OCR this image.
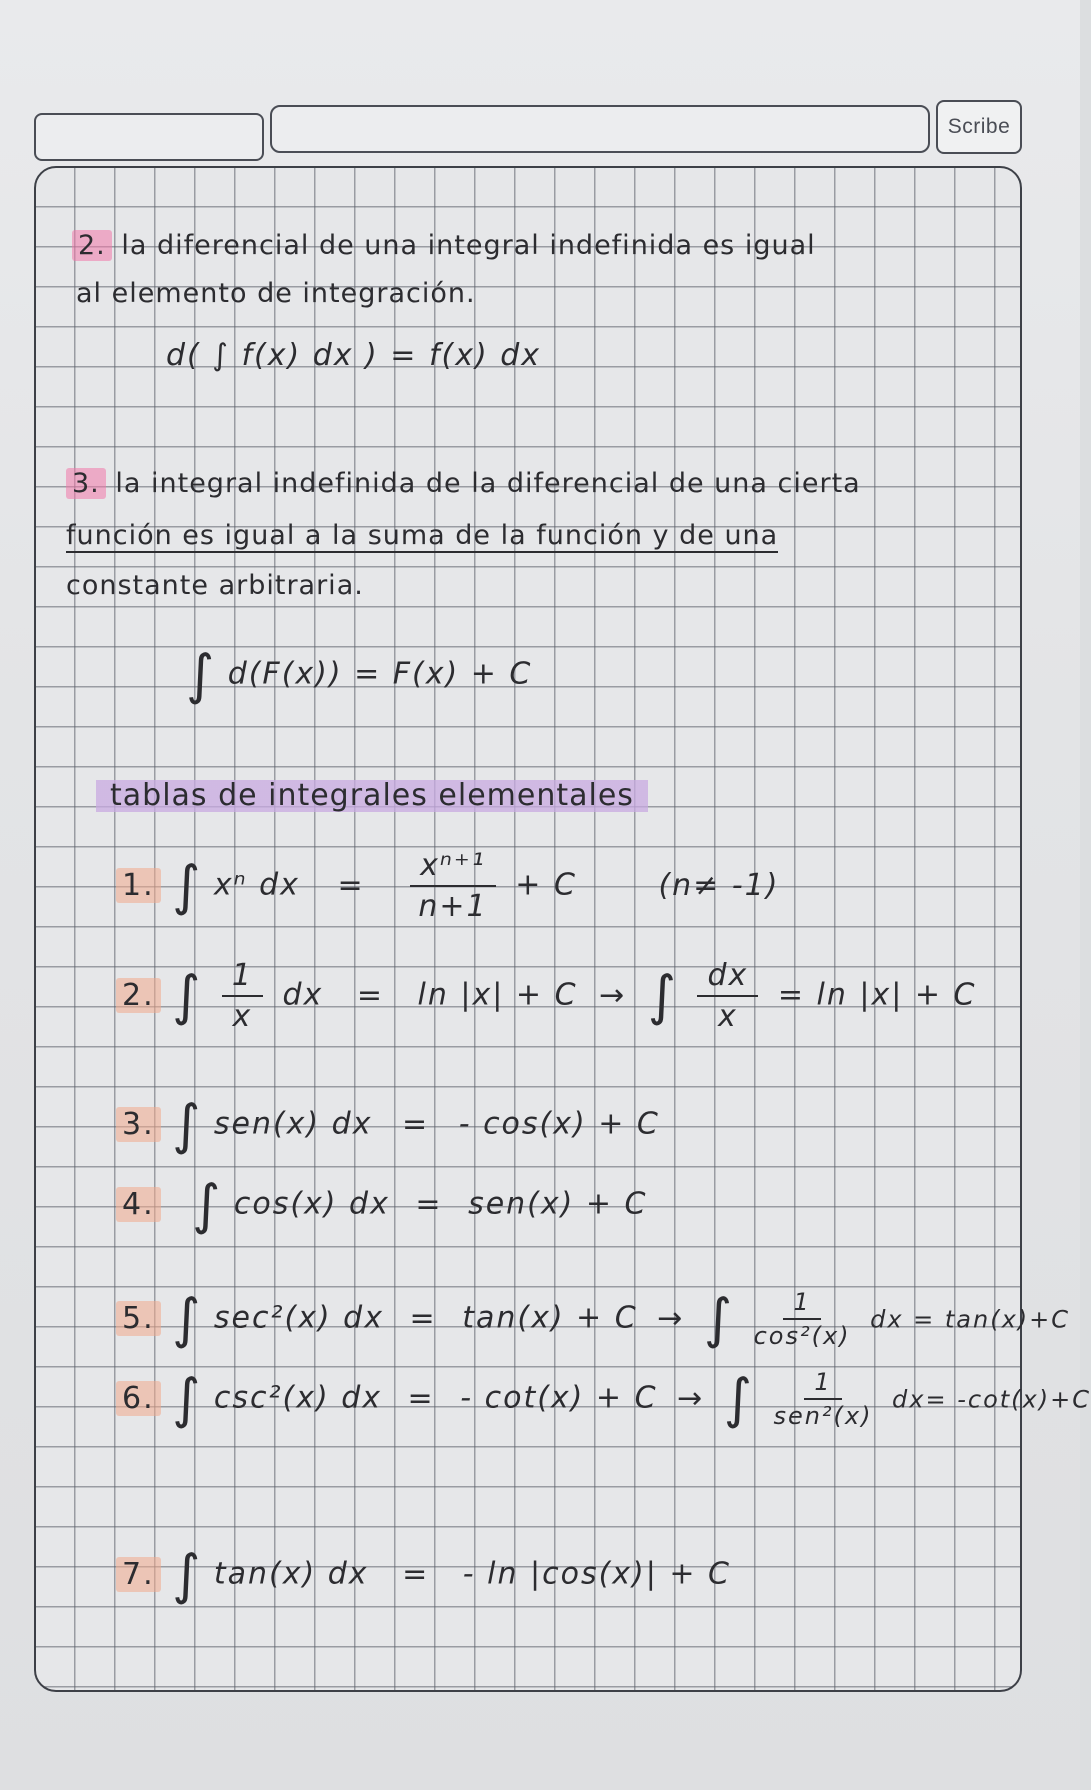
Scribe
2. la diferencial de una integral indefinida es igual
al elemento de integración.
d( ∫ f(x) dx ) = f(x) dx
3. la integral indefinida de la diferencial de una cierta
función es igual a la suma de la función y de una
constante arbitraria.
∫ d(F(x)) = F(x) + C
tablas de integrales elementales
1. ∫ xⁿ dx = $\frac{\text{xⁿ⁺¹}}{n+1} + C$	(n≠ -1)
2. ∫ $\frac{1}{x}$ dx = ln |x| + C → ∫ $\frac{dx}{x} = \ln |x| + C$
3. ∫ sen(x) dx = - cos(x) + C
4. ∫ cos(x) dx = sen(x) + C
5. ∫ sec²(x) dx = tan(x) + C → ∫ $\frac{1}{\text{cos²(x)}}$ dx = tan(x)+C
6. ∫ csc²(x) dx = - cot(x) + C → ∫ $\frac{1}{\text{sen²(x)}} dx= -\cot(x)+C$
7. ∫ tan(x) dx = - ln |cos(x)| + C
